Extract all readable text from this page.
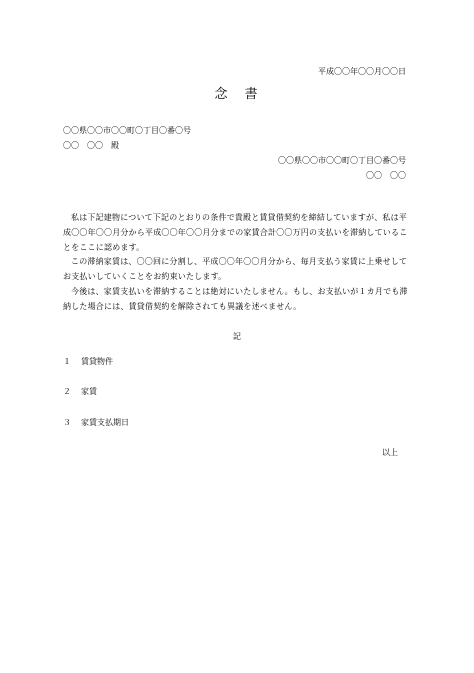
平成〇〇年〇〇月〇〇日
念　書
〇〇県〇〇市〇〇町〇丁目〇番〇号
〇〇　〇〇　殿
〇〇県〇〇市〇〇町〇丁目〇番〇号
〇〇　〇〇

私は下記建物について下記のとおりの条件で貴殿と賃貸借契約を締結していますが、私は平成〇〇年〇〇月分から平成〇〇年〇〇月分までの家賃合計〇〇万円の支払いを滞納していることをここに認めます。

この滞納家賃は、〇〇回に分割し、平成〇〇年〇〇月分から、毎月支払う家賃に上乗せしてお支払いしていくことをお約束いたします。

今後は、家賃支払いを滞納することは絶対にいたしません。もし、お支払いが１カ月でも滞納した場合には、賃貸借契約を解除されても異議を述べません。

記
１ 賃貸物件
２ 家賃
３ 家賃支払期日
以上
